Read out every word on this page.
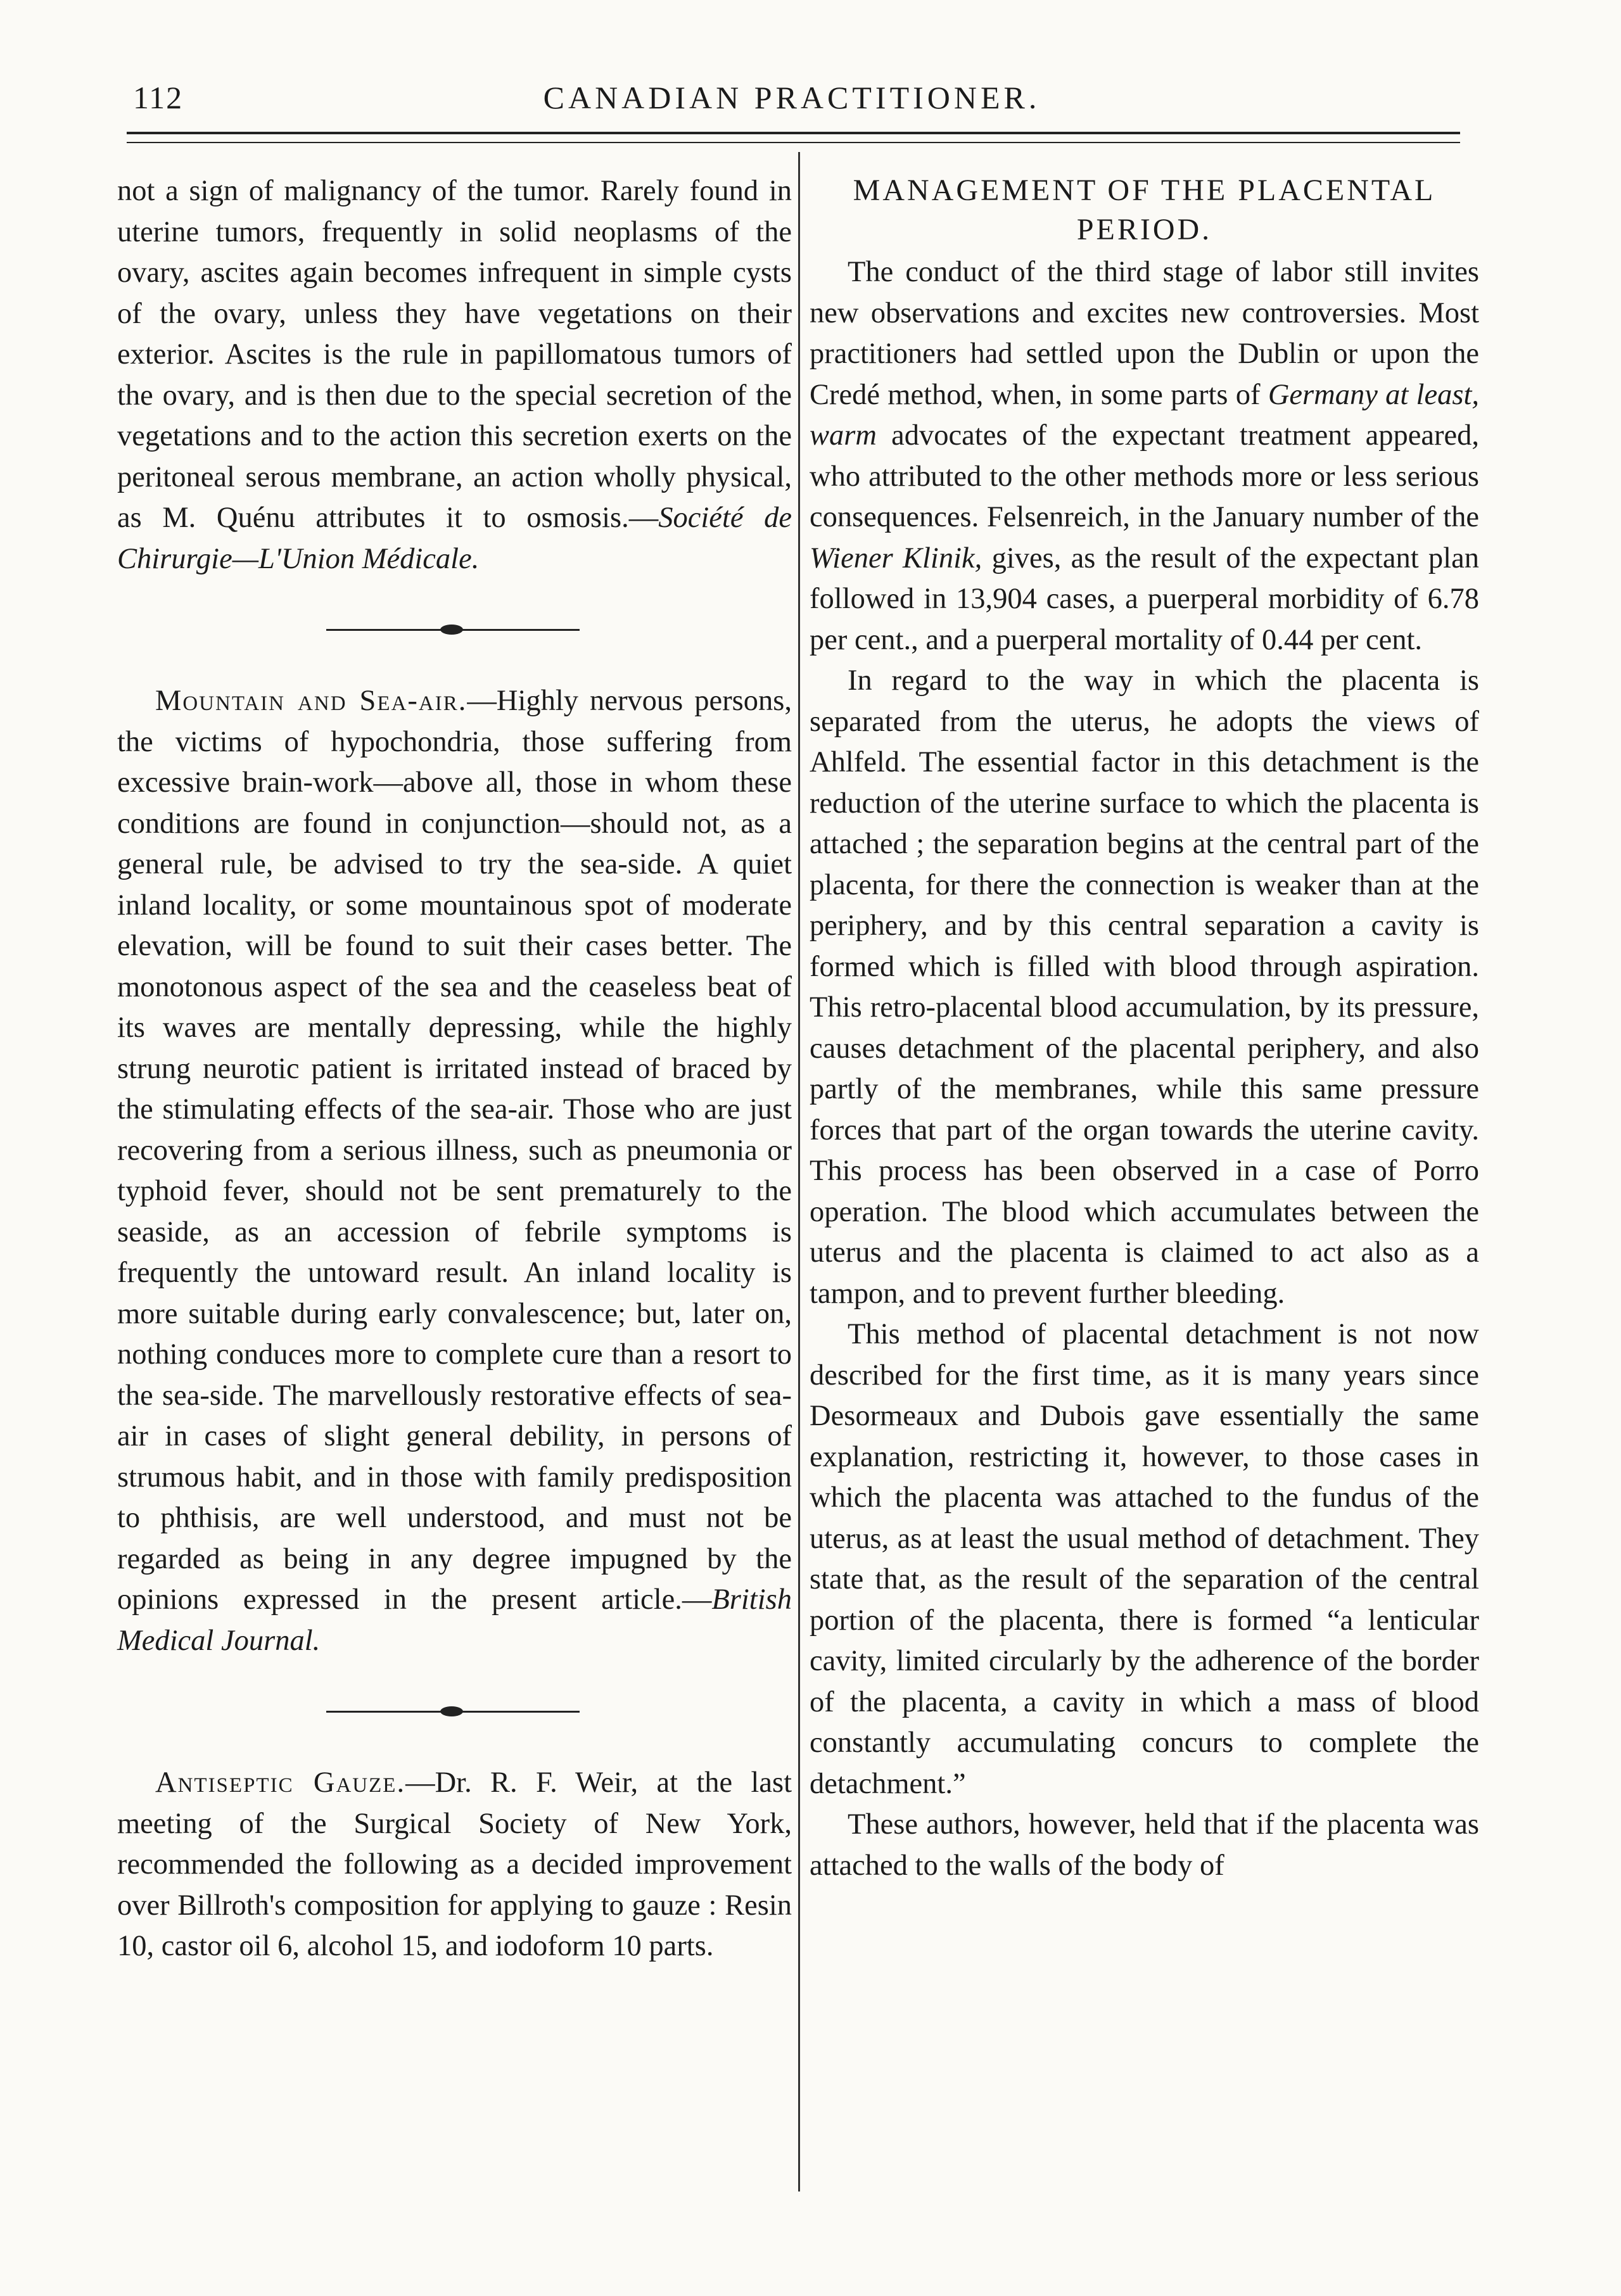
112	CANADIAN PRACTITIONER.

not a sign of malignancy of the tumor. Rarely found in uterine tumors, frequently in solid neoplasms of the ovary, ascites again becomes infrequent in simple cysts of the ovary, unless they have vegetations on their exterior. Ascites is the rule in papillomatous tumors of the ovary, and is then due to the special secretion of the vegetations and to the action this secretion exerts on the peritoneal serous membrane, an action wholly physical, as M. Quénu attributes it to osmosis.—Société de Chirurgie—L'Union Médicale.

Mountain and Sea-air.—Highly nervous persons, the victims of hypochondria, those suffering from excessive brain-work—above all, those in whom these conditions are found in conjunction—should not, as a general rule, be advised to try the sea-side. A quiet inland locality, or some mountainous spot of moderate elevation, will be found to suit their cases better. The monotonous aspect of the sea and the ceaseless beat of its waves are mentally depressing, while the highly strung neurotic patient is irritated instead of braced by the stimulating effects of the sea-air. Those who are just recovering from a serious illness, such as pneumonia or typhoid fever, should not be sent prematurely to the seaside, as an accession of febrile symptoms is frequently the untoward result. An inland locality is more suitable during early convalescence; but, later on, nothing conduces more to complete cure than a resort to the sea-side. The marvellously restorative effects of sea-air in cases of slight general debility, in persons of strumous habit, and in those with family predisposition to phthisis, are well understood, and must not be regarded as being in any degree impugned by the opinions expressed in the present article.—British Medical Journal.

Antiseptic Gauze.—Dr. R. F. Weir, at the last meeting of the Surgical Society of New York, recommended the following as a decided improvement over Billroth's composition for applying to gauze : Resin 10, castor oil 6, alcohol 15, and iodoform 10 parts.

MANAGEMENT OF THE PLACENTAL PERIOD.

The conduct of the third stage of labor still invites new observations and excites new controversies. Most practitioners had settled upon the Dublin or upon the Credé method, when, in some parts of Germany at least, warm advocates of the expectant treatment appeared, who attributed to the other methods more or less serious consequences. Felsenreich, in the January number of the Wiener Klinik, gives, as the result of the expectant plan followed in 13,904 cases, a puerperal morbidity of 6.78 per cent., and a puerperal mortality of 0.44 per cent.

In regard to the way in which the placenta is separated from the uterus, he adopts the views of Ahlfeld. The essential factor in this detachment is the reduction of the uterine surface to which the placenta is attached ; the separation begins at the central part of the placenta, for there the connection is weaker than at the periphery, and by this central separation a cavity is formed which is filled with blood through aspiration. This retro-placental blood accumulation, by its pressure, causes detachment of the placental periphery, and also partly of the membranes, while this same pressure forces that part of the organ towards the uterine cavity. This process has been observed in a case of Porro operation. The blood which accumulates between the uterus and the placenta is claimed to act also as a tampon, and to prevent further bleeding.

This method of placental detachment is not now described for the first time, as it is many years since Desormeaux and Dubois gave essentially the same explanation, restricting it, however, to those cases in which the placenta was attached to the fundus of the uterus, as at least the usual method of detachment. They state that, as the result of the separation of the central portion of the placenta, there is formed “a lenticular cavity, limited circularly by the adherence of the border of the placenta, a cavity in which a mass of blood constantly accumulating concurs to complete the detachment.”

These authors, however, held that if the placenta was attached to the walls of the body of
